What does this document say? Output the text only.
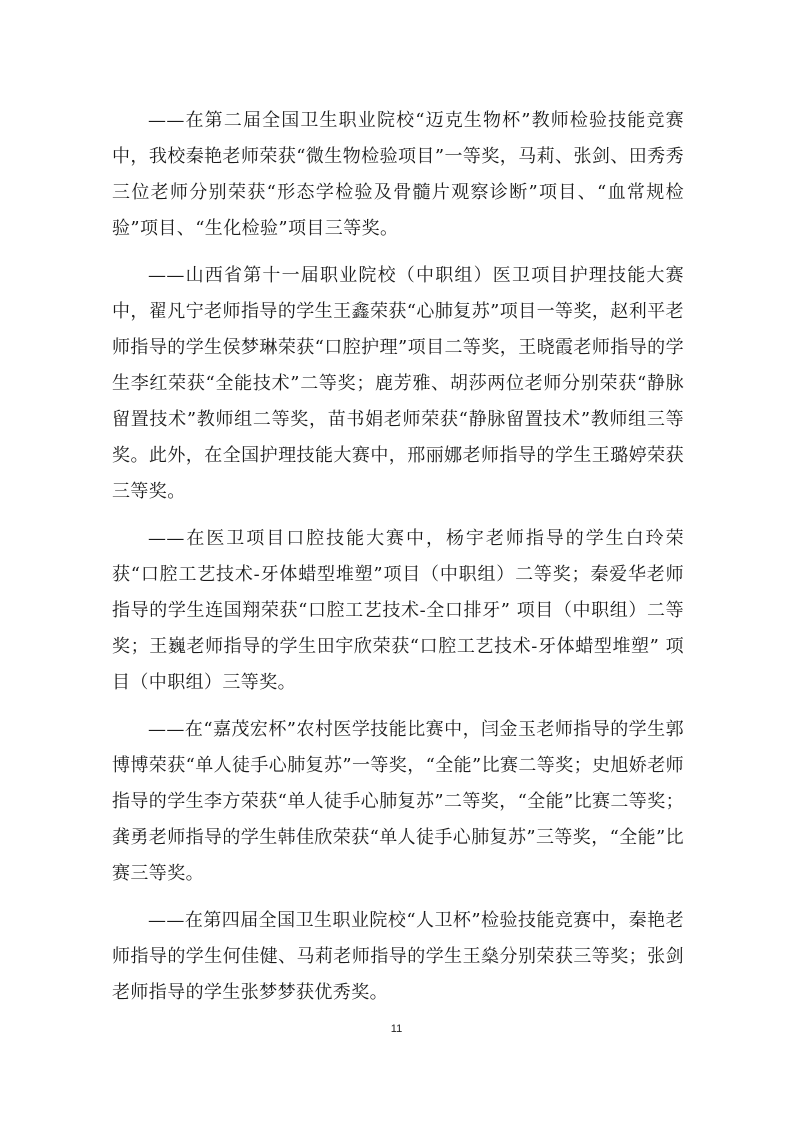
——在第二届全国卫生职业院校“迈克生物杯”教师检验技能竞赛中，我校秦艳老师荣获“微生物检验项目”一等奖，马莉、张剑、田秀秀三位老师分别荣获“形态学检验及骨髓片观察诊断”项目、“血常规检验”项目、“生化检验”项目三等奖。

——山西省第十一届职业院校（中职组）医卫项目护理技能大赛中，翟凡宁老师指导的学生王鑫荣获“心肺复苏”项目一等奖，赵利平老师指导的学生侯梦琳荣获“口腔护理”项目二等奖，王晓霞老师指导的学生李红荣获“全能技术”二等奖；鹿芳雅、胡莎两位老师分别荣获“静脉留置技术”教师组二等奖，苗书娟老师荣获“静脉留置技术”教师组三等奖。此外，在全国护理技能大赛中，邢丽娜老师指导的学生王璐婷荣获三等奖。

——在医卫项目口腔技能大赛中，杨宇老师指导的学生白玲荣获“口腔工艺技术-牙体蜡型堆塑”项目（中职组）二等奖；秦爱华老师指导的学生连国翔荣获“口腔工艺技术-全口排牙” 项目（中职组）二等奖；王巍老师指导的学生田宇欣荣获“口腔工艺技术-牙体蜡型堆塑” 项目（中职组）三等奖。

——在“嘉茂宏杯”农村医学技能比赛中，闫金玉老师指导的学生郭博博荣获“单人徒手心肺复苏”一等奖，“全能”比赛二等奖；史旭娇老师指导的学生李方荣获“单人徒手心肺复苏”二等奖，“全能”比赛二等奖；龚勇老师指导的学生韩佳欣荣获“单人徒手心肺复苏”三等奖，“全能”比赛三等奖。

——在第四届全国卫生职业院校“人卫杯”检验技能竞赛中，秦艳老师指导的学生何佳健、马莉老师指导的学生王燊分别荣获三等奖；张剑老师指导的学生张梦梦获优秀奖。

11
